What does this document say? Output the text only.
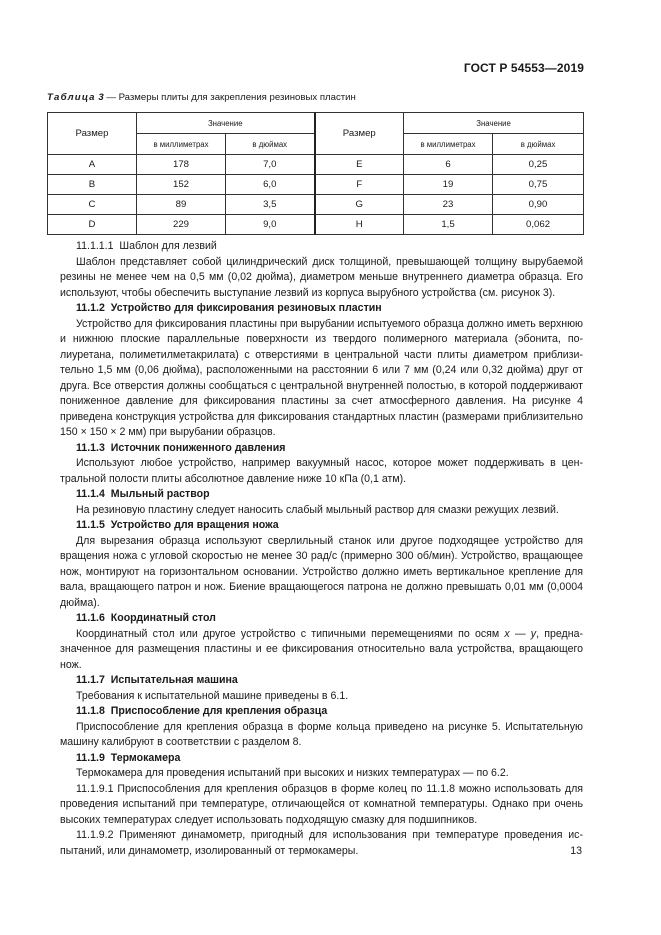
ГОСТ Р 54553—2019
Таблица 3 — Размеры плиты для закрепления резиновых пластин
Размер	Значение		Размер	Значение	
	в миллиметрах	в дюймах		в миллиметрах	в дюймах
A	178	7,0	E	6	0,25
B	152	6,0	F	19	0,75
C	89	3,5	G	23	0,90
D	229	9,0	H	1,5	0,062

11.1.1.1 Шаблон для лезвий

Шаблон представляет собой цилиндрический диск толщиной, превышающей толщину вырубаемой резины не менее чем на 0,5 мм (0,02 дюйма), диаметром меньше внутреннего диаметра образца. Его используют, чтобы обеспечить выступание лезвий из корпуса вырубного устройства (см. рисунок 3).

11.1.2 Устройство для фиксирования резиновых пластин

Устройство для фиксирования пластины при вырубании испытуемого образца должно иметь верхнюю и нижнюю плоские параллельные поверхности из твердого полимерного материала (эбонита, полиуретана, полиметилметакрилата) с отверстиями в центральной части плиты диаметром приблизительно 1,5 мм (0,06 дюйма), расположенными на расстоянии 6 или 7 мм (0,24 или 0,32 дюйма) друг от друга. Все отверстия должны сообщаться с центральной внутренней полостью, в которой поддерживают пониженное давление для фиксирования пластины за счет атмосферного давления. На рисунке 4 приведена конструкция устройства для фиксирования стандартных пластин (размерами приблизительно 150 × 150 × 2 мм) при вырубании образцов.

11.1.3 Источник пониженного давления

Используют любое устройство, например вакуумный насос, которое может поддерживать в центральной полости плиты абсолютное давление ниже 10 кПа (0,1 атм).

11.1.4 Мыльный раствор

На резиновую пластину следует наносить слабый мыльный раствор для смазки режущих лезвий.

11.1.5 Устройство для вращения ножа

Для вырезания образца используют сверлильный станок или другое подходящее устройство для вращения ножа с угловой скоростью не менее 30 рад/с (примерно 300 об/мин). Устройство, вращающее нож, монтируют на горизонтальном основании. Устройство должно иметь вертикальное крепление для вала, вращающего патрон и нож. Биение вращающегося патрона не должно превышать 0,01 мм (0,0004 дюйма).

11.1.6 Координатный стол

Координатный стол или другое устройство с типичными перемещениями по осям x — y, предназначенное для размещения пластины и ее фиксирования относительно вала устройства, вращающего нож.

11.1.7 Испытательная машина

Требования к испытательной машине приведены в 6.1.

11.1.8 Приспособление для крепления образца

Приспособление для крепления образца в форме кольца приведено на рисунке 5. Испытательную машину калибруют в соответствии с разделом 8.

11.1.9 Термокамера

Термокамера для проведения испытаний при высоких и низких температурах — по 6.2.

11.1.9.1 Приспособления для крепления образцов в форме колец по 11.1.8 можно использовать для проведения испытаний при температуре, отличающейся от комнатной температуры. Однако при очень высоких температурах следует использовать подходящую смазку для подшипников.

11.1.9.2 Применяют динамометр, пригодный для использования при температуре проведения испытаний, или динамометр, изолированный от термокамеры.	13
